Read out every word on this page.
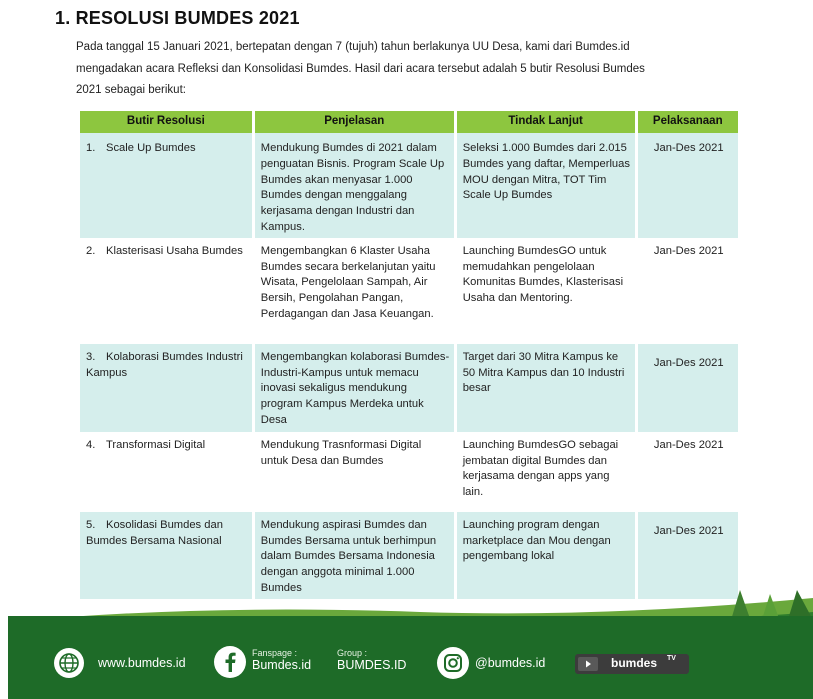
1. RESOLUSI BUMDES 2021
Pada tanggal 15 Januari 2021, bertepatan dengan 7 (tujuh) tahun berlakunya UU Desa, kami dari Bumdes.id
mengadakan acara Refleksi dan Konsolidasi Bumdes. Hasil dari acara tersebut adalah 5 butir Resolusi Bumdes
2021 sebagai berikut:
Butir Resolusi	Penjelasan	Tindak Lanjut	Pelaksanaan
1. Scale Up Bumdes	Mendukung Bumdes di 2021 dalam penguatan Bisnis. Program Scale Up Bumdes akan menyasar 1.000 Bumdes dengan menggalang kerjasama dengan Industri dan Kampus.	Seleksi 1.000 Bumdes dari 2.015 Bumdes yang daftar, Memperluas MOU dengan Mitra, TOT Tim Scale Up Bumdes	Jan-Des 2021
2. Klasterisasi Usaha Bumdes	Mengembangkan 6 Klaster Usaha Bumdes secara berkelanjutan yaitu Wisata, Pengelolaan Sampah, Air Bersih, Pengolahan Pangan, Perdagangan dan Jasa Keuangan.	Launching BumdesGO untuk memudahkan pengelolaan Komunitas Bumdes, Klasterisasi Usaha dan Mentoring.	Jan-Des 2021
3. Kolaborasi Bumdes Industri Kampus	Mengembangkan kolaborasi Bumdes-Industri-Kampus untuk memacu inovasi sekaligus mendukung program Kampus Merdeka untuk Desa	Target dari 30 Mitra Kampus ke 50 Mitra Kampus dan 10 Industri besar	Jan-Des 2021
4. Transformasi Digital	Mendukung Trasnformasi Digital untuk Desa dan Bumdes	Launching BumdesGO sebagai jembatan digital Bumdes dan kerjasama dengan apps yang lain.	Jan-Des 2021
5. Kosolidasi Bumdes dan Bumdes Bersama Nasional	Mendukung aspirasi Bumdes dan Bumdes Bersama untuk berhimpun dalam Bumdes Bersama Indonesia dengan anggota minimal 1.000 Bumdes	Launching program dengan marketplace dan Mou dengan pengembang lokal	Jan-Des 2021
www.bumdes.id
Fanspage :
Bumdes.id
Group :
BUMDES.ID	@bumdes.id	bumdes TV
